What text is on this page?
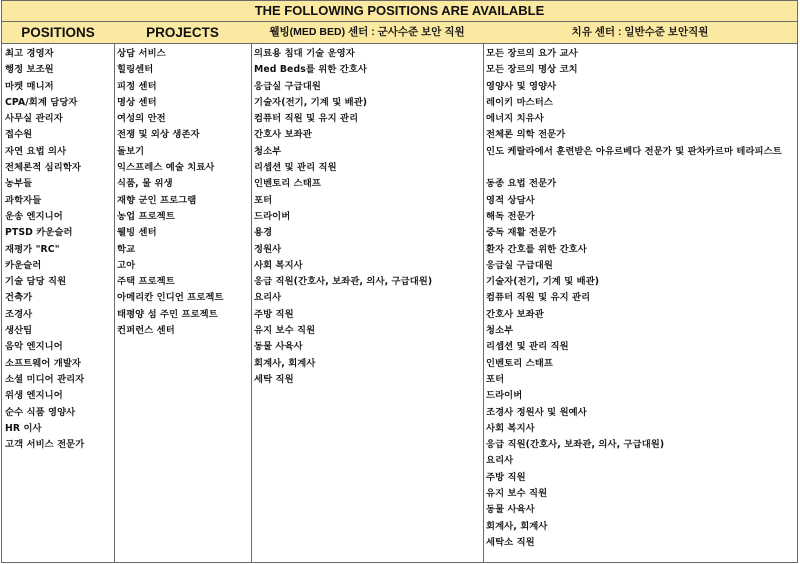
THE FOLLOWING POSITIONS ARE AVAILABLE
POSITIONS
최고 경영자
행정 보조원
마켓 매니저
CPA/회계 담당자
사무실 관리자
접수원
자연 요법 의사
전체론적 심리학자
농부들
과학자들
운송 엔지니어
PTSD 카운슬러
재평가 "RC"
카운슬러
기술 담당 직원
건축가
조경사
생산팀
음악 엔지니어
소프트웨어 개발자
소셜 미디어 관리자
위생 엔지니어
순수 식품 영양사
HR 이사
고객 서비스 전문가
PROJECTS
상담 서비스
힐링센터
피정 센터
명상 센터
여성의 안전
전쟁 및 외상 생존자
돌보기
익스프레스 예술 치료사
식품, 물 위생
재향 군인 프로그램
농업 프로젝트
웰빙 센터
학교
고아
주택 프로젝트
아메리칸 인디언 프로젝트
태평양 섬 주민 프로젝트
컨퍼런스 센터
웰빙(MED BED) 센터 : 군사수준 보안 직원
의료용 침대 기술 운영자
Med Beds를 위한 간호사
응급실 구급대원
기술자(전기, 기계 및 배관)
컴퓨터 직원 및 유지 관리
간호사 보좌관
청소부
리셉션 및 관리 직원
인벤토리 스태프
포터
드라이버
용경
정원사
사회 복지사
응급 직원(간호사, 보좌관, 의사, 구급대원)
요리사
주방 직원
유지 보수 직원
동물 사육사
회계사, 회계사
세탁 직원
치유 센터 : 일반수준 보안직원
모든 장르의 요가 교사
모든 장르의 명상 코치
영양사 및 영양사
레이키 마스터스
에너지 치유사
전체론 의학 전문가
인도 케랄라에서 훈련받은 아유르베다 전문가 및 판차카르마 테라피스트
동종 요법 전문가
영적 상담사
해독 전문가
중독 재활 전문가
환자 간호를 위한 간호사
응급실 구급대원
기술자(전기, 기계 및 배관)
컴퓨터 직원 및 유지 관리
간호사 보좌관
청소부
리셉션 및 관리 직원
인벤토리 스태프
포터
드라이버
조경사 정원사 및 원예사
사회 복지사
응급 직원(간호사, 보좌관, 의사, 구급대원)
요리사
주방 직원
유지 보수 직원
동물 사육사
회계사, 회계사
세탁소 직원
